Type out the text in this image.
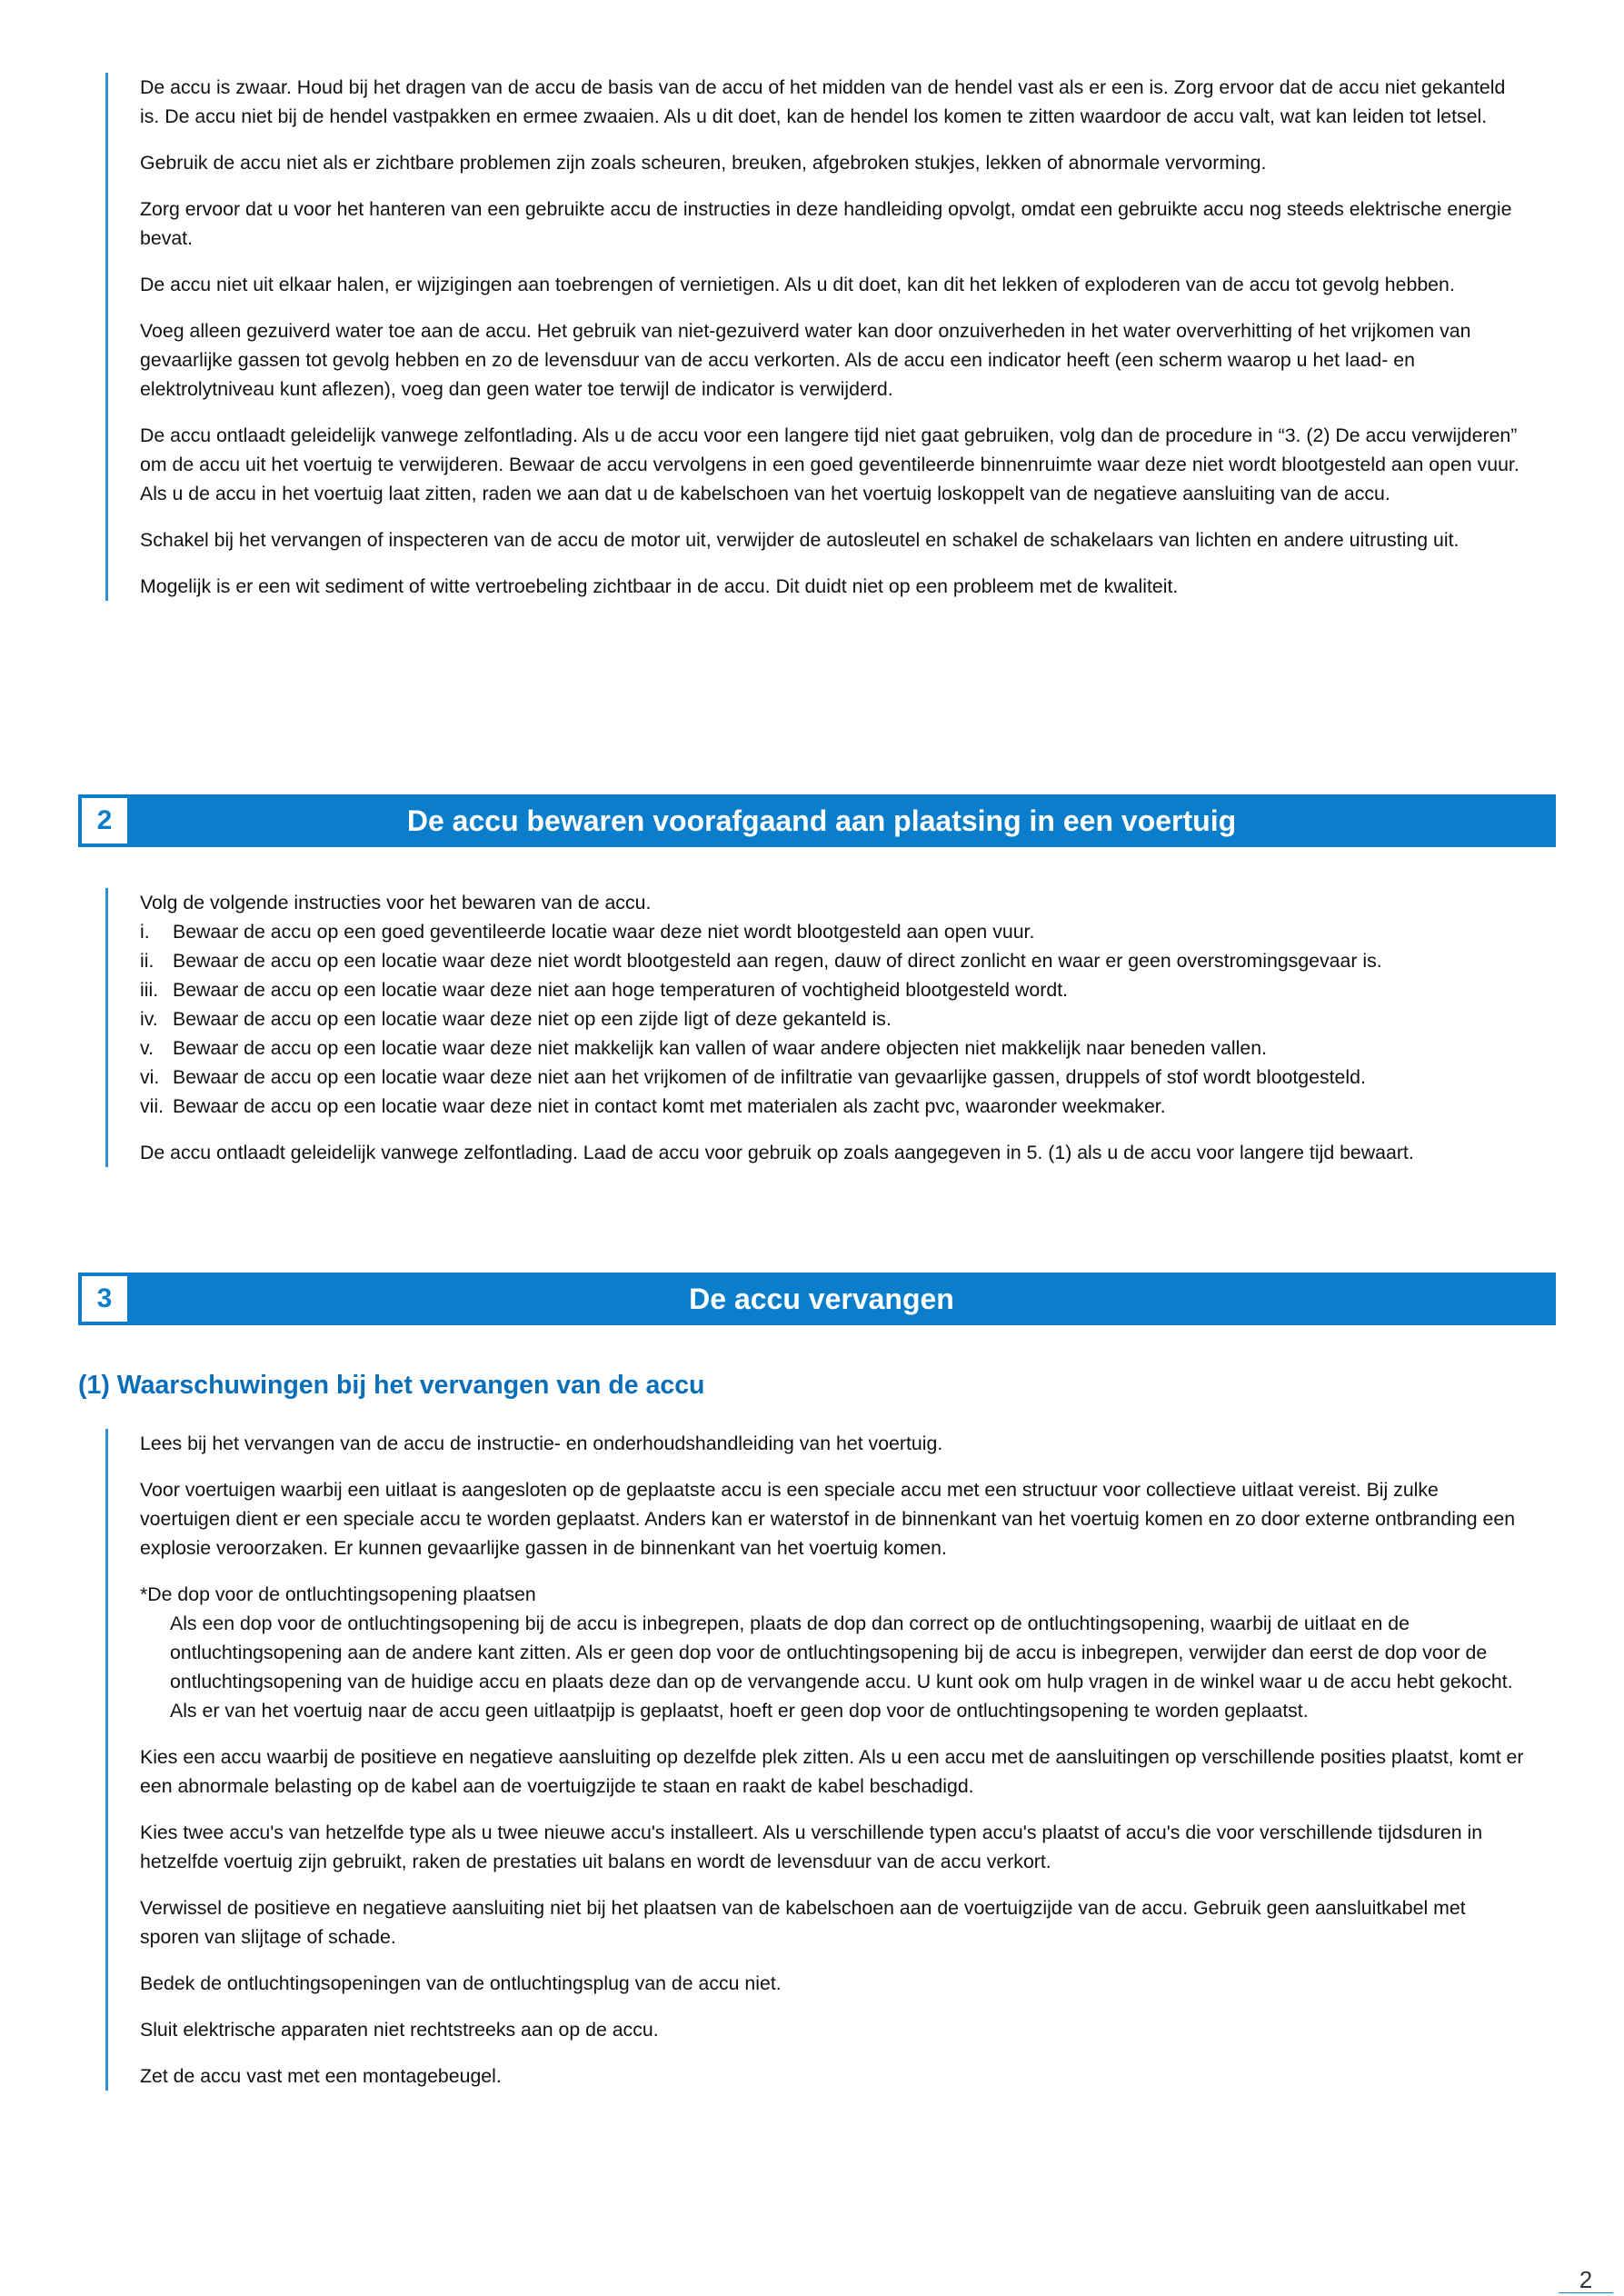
De accu is zwaar. Houd bij het dragen van de accu de basis van de accu of het midden van de hendel vast als er een is. Zorg ervoor dat de accu niet gekanteld is. De accu niet bij de hendel vastpakken en ermee zwaaien. Als u dit doet, kan de hendel los komen te zitten waardoor de accu valt, wat kan leiden tot letsel.

Gebruik de accu niet als er zichtbare problemen zijn zoals scheuren, breuken, afgebroken stukjes, lekken of abnormale vervorming.

Zorg ervoor dat u voor het hanteren van een gebruikte accu de instructies in deze handleiding opvolgt, omdat een gebruikte accu nog steeds elektrische energie bevat.

De accu niet uit elkaar halen, er wijzigingen aan toebrengen of vernietigen. Als u dit doet, kan dit het lekken of exploderen van de accu tot gevolg hebben.

Voeg alleen gezuiverd water toe aan de accu. Het gebruik van niet-gezuiverd water kan door onzuiverheden in het water oververhitting of het vrijkomen van gevaarlijke gassen tot gevolg hebben en zo de levensduur van de accu verkorten. Als de accu een indicator heeft (een scherm waarop u het laad- en elektrolytniveau kunt aflezen), voeg dan geen water toe terwijl de indicator is verwijderd.

De accu ontlaadt geleidelijk vanwege zelfontlading. Als u de accu voor een langere tijd niet gaat gebruiken, volg dan de procedure in “3. (2) De accu verwijderen” om de accu uit het voertuig te verwijderen. Bewaar de accu vervolgens in een goed geventileerde binnenruimte waar deze niet wordt blootgesteld aan open vuur. Als u de accu in het voertuig laat zitten, raden we aan dat u de kabelschoen van het voertuig loskoppelt van de negatieve aansluiting van de accu.

Schakel bij het vervangen of inspecteren van de accu de motor uit, verwijder de autosleutel en schakel de schakelaars van lichten en andere uitrusting uit.

Mogelijk is er een wit sediment of witte vertroebeling zichtbaar in de accu. Dit duidt niet op een probleem met de kwaliteit.

2	De accu bewaren voorafgaand aan plaatsing in een voertuig

Volg de volgende instructies voor het bewaren van de accu.

i.	Bewaar de accu op een goed geventileerde locatie waar deze niet wordt blootgesteld aan open vuur.
ii. Bewaar de accu op een locatie waar deze niet wordt blootgesteld aan regen, dauw of direct zonlicht en waar er geen overstromingsgevaar is.
iii. Bewaar de accu op een locatie waar deze niet aan hoge temperaturen of vochtigheid blootgesteld wordt.
iv. Bewaar de accu op een locatie waar deze niet op een zijde ligt of deze gekanteld is.
v. Bewaar de accu op een locatie waar deze niet makkelijk kan vallen of waar andere objecten niet makkelijk naar beneden vallen.
vi. Bewaar de accu op een locatie waar deze niet aan het vrijkomen of de infiltratie van gevaarlijke gassen, druppels of stof wordt blootgesteld.
vii. Bewaar de accu op een locatie waar deze niet in contact komt met materialen als zacht pvc, waaronder weekmaker.

De accu ontlaadt geleidelijk vanwege zelfontlading. Laad de accu voor gebruik op zoals aangegeven in 5. (1) als u de accu voor langere tijd bewaart.

3	De accu vervangen
(1) Waarschuwingen bij het vervangen van de accu

Lees bij het vervangen van de accu de instructie- en onderhoudshandleiding van het voertuig.

Voor voertuigen waarbij een uitlaat is aangesloten op de geplaatste accu is een speciale accu met een structuur voor collectieve uitlaat vereist. Bij zulke voertuigen dient er een speciale accu te worden geplaatst. Anders kan er waterstof in de binnenkant van het voertuig komen en zo door externe ontbranding een explosie veroorzaken. Er kunnen gevaarlijke gassen in de binnenkant van het voertuig komen.

*De dop voor de ontluchtingsopening plaatsen

Als een dop voor de ontluchtingsopening bij de accu is inbegrepen, plaats de dop dan correct op de ontluchtingsopening, waarbij de uitlaat en de ontluchtingsopening aan de andere kant zitten. Als er geen dop voor de ontluchtingsopening bij de accu is inbegrepen, verwijder dan eerst de dop voor de ontluchtingsopening van de huidige accu en plaats deze dan op de vervangende accu. U kunt ook om hulp vragen in de winkel waar u de accu hebt gekocht. Als er van het voertuig naar de accu geen uitlaatpijp is geplaatst, hoeft er geen dop voor de ontluchtingsopening te worden geplaatst.

Kies een accu waarbij de positieve en negatieve aansluiting op dezelfde plek zitten. Als u een accu met de aansluitingen op verschillende posities plaatst, komt er een abnormale belasting op de kabel aan de voertuigzijde te staan en raakt de kabel beschadigd.

Kies twee accu's van hetzelfde type als u twee nieuwe accu's installeert. Als u verschillende typen accu's plaatst of accu's die voor verschillende tijdsduren in hetzelfde voertuig zijn gebruikt, raken de prestaties uit balans en wordt de levensduur van de accu verkort.

Verwissel de positieve en negatieve aansluiting niet bij het plaatsen van de kabelschoen aan de voertuigzijde van de accu. Gebruik geen aansluitkabel met sporen van slijtage of schade.

Bedek de ontluchtingsopeningen van de ontluchtingsplug van de accu niet.

Sluit elektrische apparaten niet rechtstreeks aan op de accu.

Zet de accu vast met een montagebeugel.

2
